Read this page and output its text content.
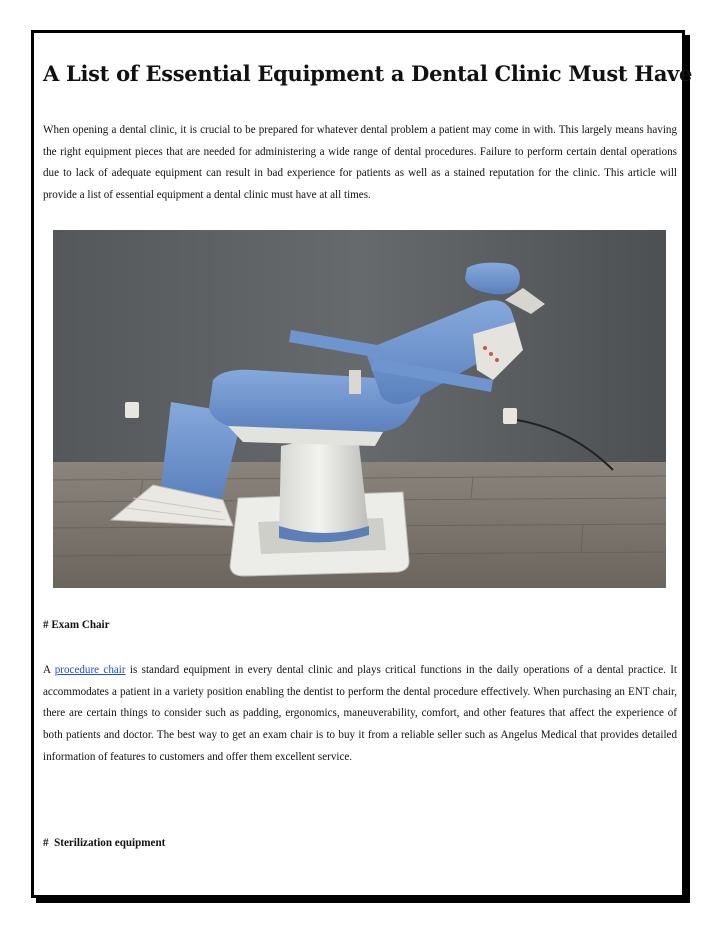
A List of Essential Equipment a Dental Clinic Must Have

When opening a dental clinic, it is crucial to be prepared for whatever dental problem a patient may come in with. This largely means having the right equipment pieces that are needed for administering a wide range of dental procedures. Failure to perform certain dental operations due to lack of adequate equipment can result in bad experience for patients as well as a stained reputation for the clinic. This article will provide a list of essential equipment a dental clinic must have at all times.

# Exam Chair

A procedure chair is standard equipment in every dental clinic and plays critical functions in the daily operations of a dental practice. It accommodates a patient in a variety position enabling the dentist to perform the dental procedure effectively. When purchasing an ENT chair, there are certain things to consider such as padding, ergonomics, maneuverability, comfort, and other features that affect the experience of both patients and doctor. The best way to get an exam chair is to buy it from a reliable seller such as Angelus Medical that provides detailed information of features to customers and offer them excellent service.

#  Sterilization equipment
